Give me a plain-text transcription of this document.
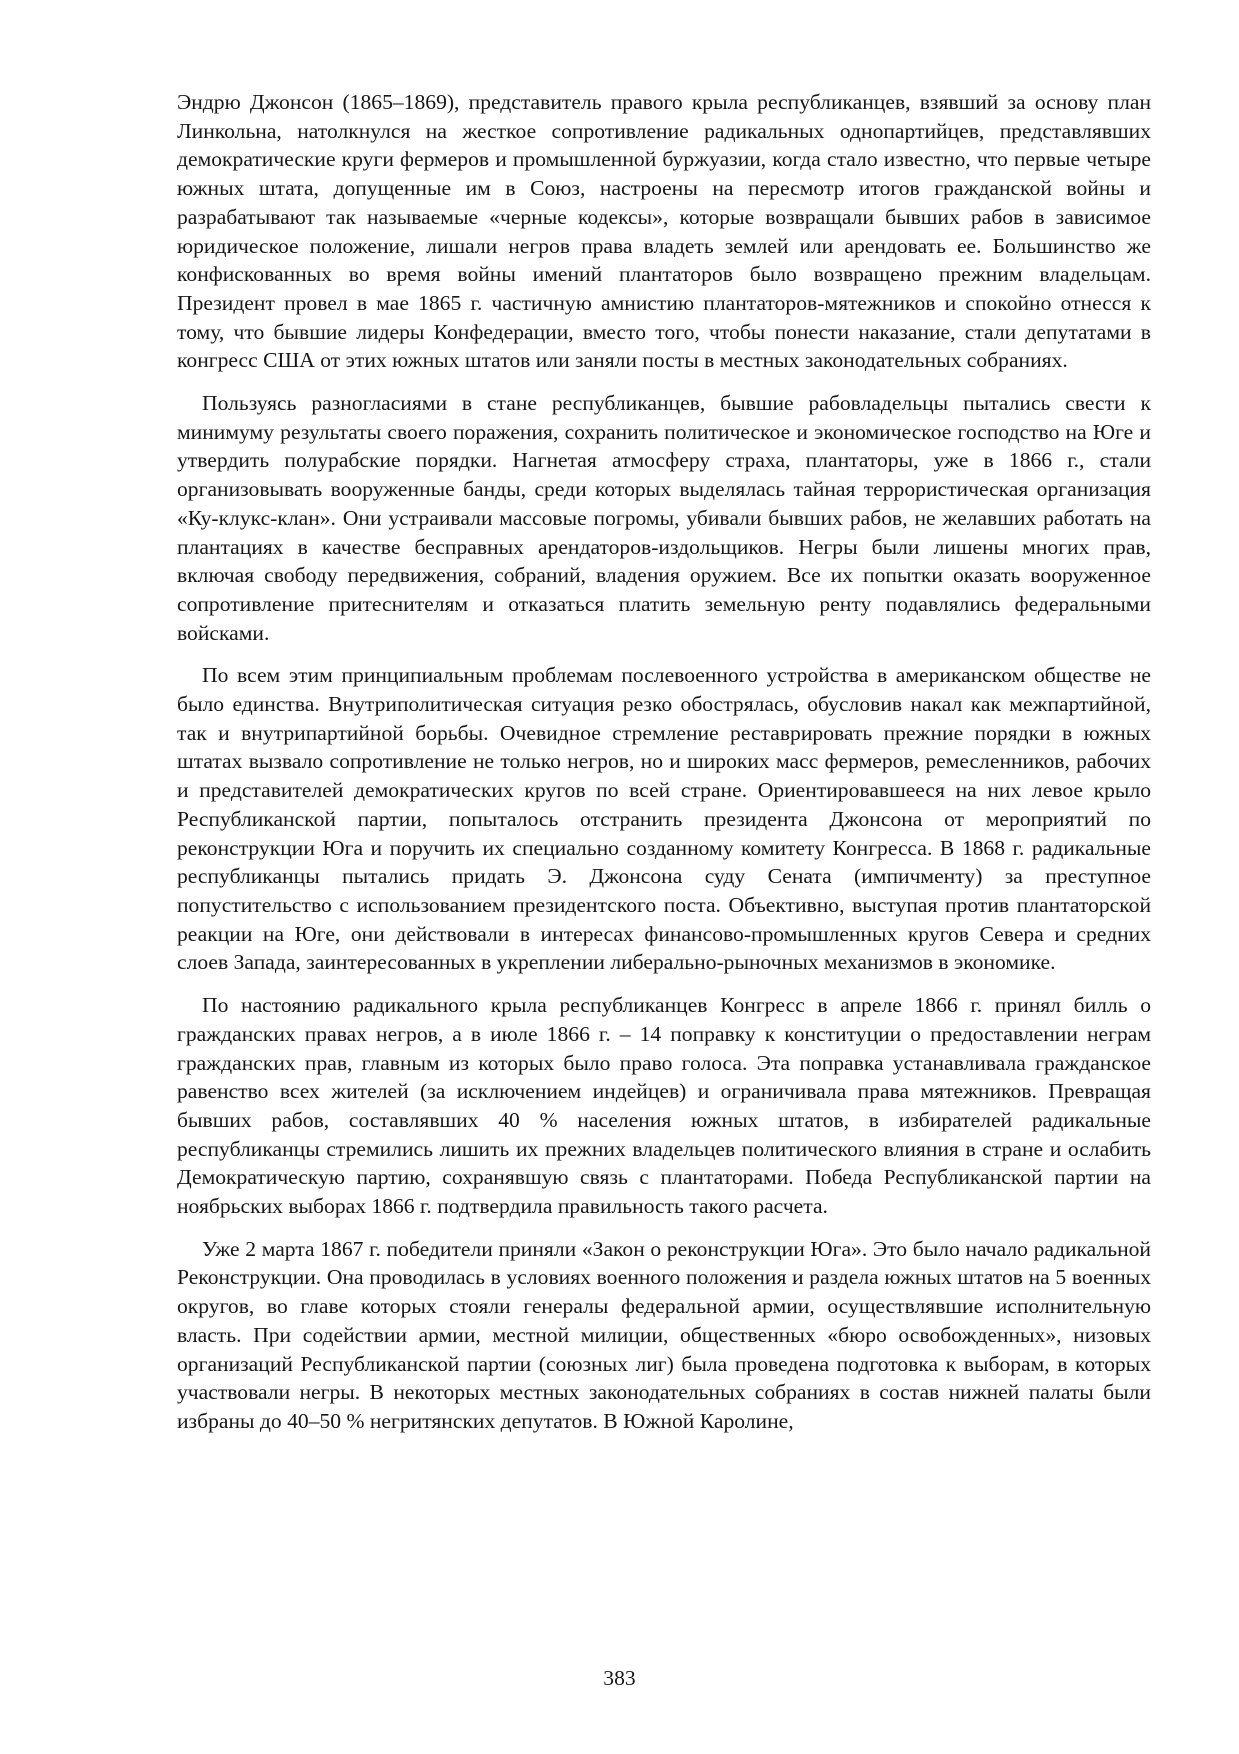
Эндрю Джонсон (1865–1869), представитель правого крыла республиканцев, взявший за основу план Линкольна, натолкнулся на жесткое сопротивление радикальных однопартийцев, представлявших демократические круги фермеров и промышленной буржуазии, когда стало известно, что первые четыре южных штата, допущенные им в Союз, настроены на пересмотр итогов гражданской войны и разрабатывают так называемые «черные кодексы», которые возвращали бывших рабов в зависимое юридическое положение, лишали негров права владеть землей или арендовать ее. Большинство же конфискованных во время войны имений плантаторов было возвращено прежним владельцам. Президент провел в мае 1865 г. частичную амнистию плантаторов-мятежников и спокойно отнесся к тому, что бывшие лидеры Конфедерации, вместо того, чтобы понести наказание, стали депутатами в конгресс США от этих южных штатов или заняли посты в местных законодательных собраниях.

Пользуясь разногласиями в стане республиканцев, бывшие рабовладельцы пытались свести к минимуму результаты своего поражения, сохранить политическое и экономическое господство на Юге и утвердить полурабские порядки. Нагнетая атмосферу страха, плантаторы, уже в 1866 г., стали организовывать вооруженные банды, среди которых выделялась тайная террористическая организация «Ку-клукс-клан». Они устраивали массовые погромы, убивали бывших рабов, не желавших работать на плантациях в качестве бесправных арендаторов-издольщиков. Негры были лишены многих прав, включая свободу передвижения, собраний, владения оружием. Все их попытки оказать вооруженное сопротивление притеснителям и отказаться платить земельную ренту подавлялись федеральными войсками.

По всем этим принципиальным проблемам послевоенного устройства в американском обществе не было единства. Внутриполитическая ситуация резко обострялась, обусловив накал как межпартийной, так и внутрипартийной борьбы. Очевидное стремление реставрировать прежние порядки в южных штатах вызвало сопротивление не только негров, но и широких масс фермеров, ремесленников, рабочих и представителей демократических кругов по всей стране. Ориентировавшееся на них левое крыло Республиканской партии, попыталось отстранить президента Джонсона от мероприятий по реконструкции Юга и поручить их специально созданному комитету Конгресса. В 1868 г. радикальные республиканцы пытались придать Э. Джонсона суду Сената (импичменту) за преступное попустительство с использованием президентского поста. Объективно, выступая против плантаторской реакции на Юге, они действовали в интересах финансово-промышленных кругов Севера и средних слоев Запада, заинтересованных в укреплении либерально-рыночных механизмов в экономике.

По настоянию радикального крыла республиканцев Конгресс в апреле 1866 г. принял билль о гражданских правах негров, а в июле 1866 г. – 14 поправку к конституции о предоставлении неграм гражданских прав, главным из которых было право голоса. Эта поправка устанавливала гражданское равенство всех жителей (за исключением индейцев) и ограничивала права мятежников. Превращая бывших рабов, составлявших 40 % населения южных штатов, в избирателей радикальные республиканцы стремились лишить их прежних владельцев политического влияния в стране и ослабить Демократическую партию, сохранявшую связь с плантаторами. Победа Республиканской партии на ноябрьских выборах 1866 г. подтвердила правильность такого расчета.

Уже 2 марта 1867 г. победители приняли «Закон о реконструкции Юга». Это было начало радикальной Реконструкции. Она проводилась в условиях военного положения и раздела южных штатов на 5 военных округов, во главе которых стояли генералы федеральной армии, осуществлявшие исполнительную власть. При содействии армии, местной милиции, общественных «бюро освобожденных», низовых организаций Республиканской партии (союзных лиг) была проведена подготовка к выборам, в которых участвовали негры. В некоторых местных законодательных собраниях в состав нижней палаты были избраны до 40–50 % негритянских депутатов. В Южной Каролине,

383
